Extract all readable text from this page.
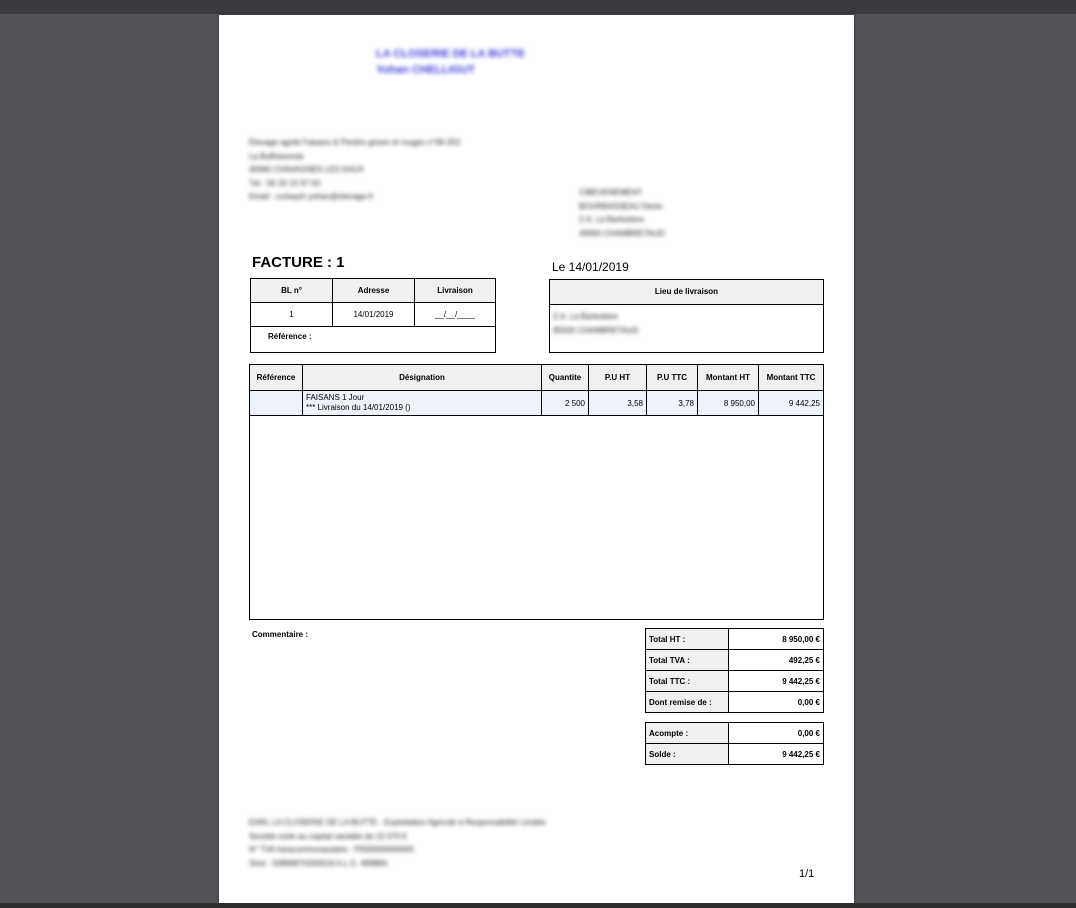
LA CLOSERIE DE LA BUTTE
Yohan CHELLIGUT
Élevage agréé Faisans & Perdrix grises et rouges n°49-253
La Buffoisonnie
49360 CHAVAGNES LES EAUX
Tél : 06 33 15 97 63
Email : corbayih yohan@elevage.fr	CIBEVENEMENT
BOURBASSEAU Denis
Z.A. La Barbotiere
49300 CHAMBRETAUD
FACTURE : 1	Le 14/01/2019
BL n°	Adresse	Livraison
1	14/01/2019	__/__/____
Référence :		
Lieu de livraison
Z.A. La Barbotiere
85500 CHAMBRETAUD
Référence	Désignation	Quantite	P.U HT	P.U TTC	Montant HT	Montant TTC

	FAISANS 1 Jour
*** Livraison du 14/01/2019 ()	2 500	3,58	3,78	8 950,00	9 442,25

Commentaire :	Total HT :	8 950,00 €
Total TVA :	492,25 €
Total TTC :	9 442,25 €
Dont remise de :	0,00 €
Acompte :	0,00 €
Solde :	9 442,25 €
EARL LA CLOSERIE DE LA BUTTE - Exploitation Agricole à Responsabilité Limitée
Société civile au capital variable de 15 570 €
N° TVA intracommunautaire : FR00000000000
Siret : 50899970200019 A.L.S. 49988A
1/1
